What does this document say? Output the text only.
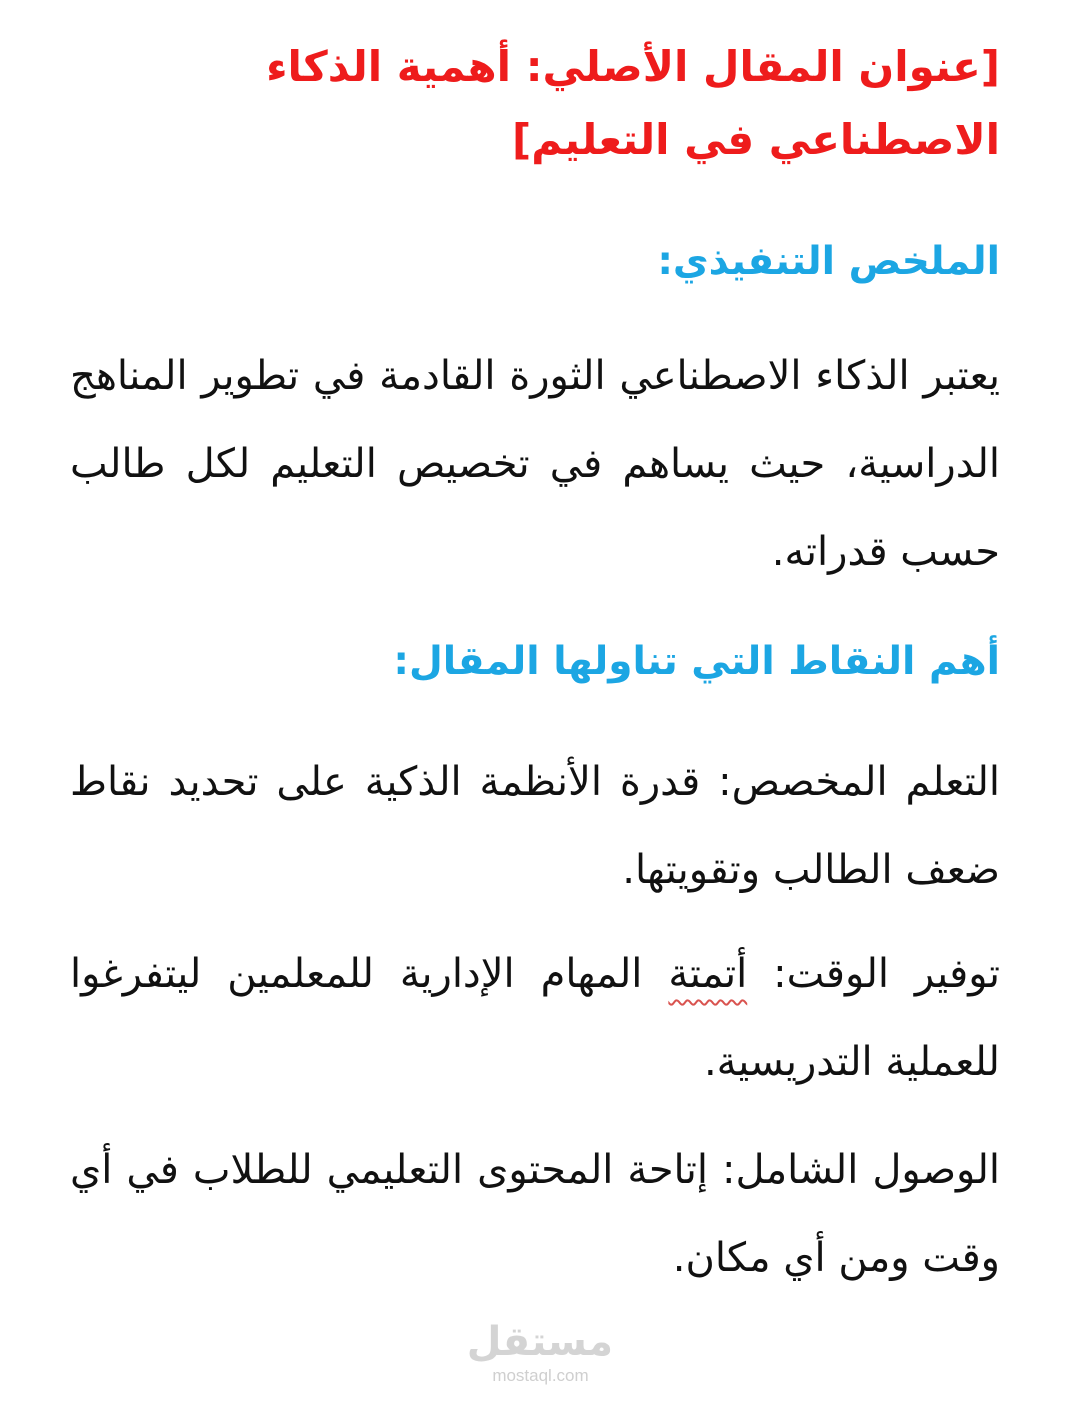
[عنوان المقال الأصلي: أهمية الذكاء الاصطناعي في التعليم]
الملخص التنفيذي:

يعتبر الذكاء الاصطناعي الثورة القادمة في تطوير المناهج الدراسية، حيث يساهم في تخصيص التعليم لكل طالب حسب قدراته.

أهم النقاط التي تناولها المقال:

التعلم المخصص: قدرة الأنظمة الذكية على تحديد نقاط ضعف الطالب وتقويتها.

توفير الوقت: أتمتة المهام الإدارية للمعلمين ليتفرغوا للعملية التدريسية.

الوصول الشامل: إتاحة المحتوى التعليمي للطلاب في أي وقت ومن أي مكان.

مستقل
mostaql.com
